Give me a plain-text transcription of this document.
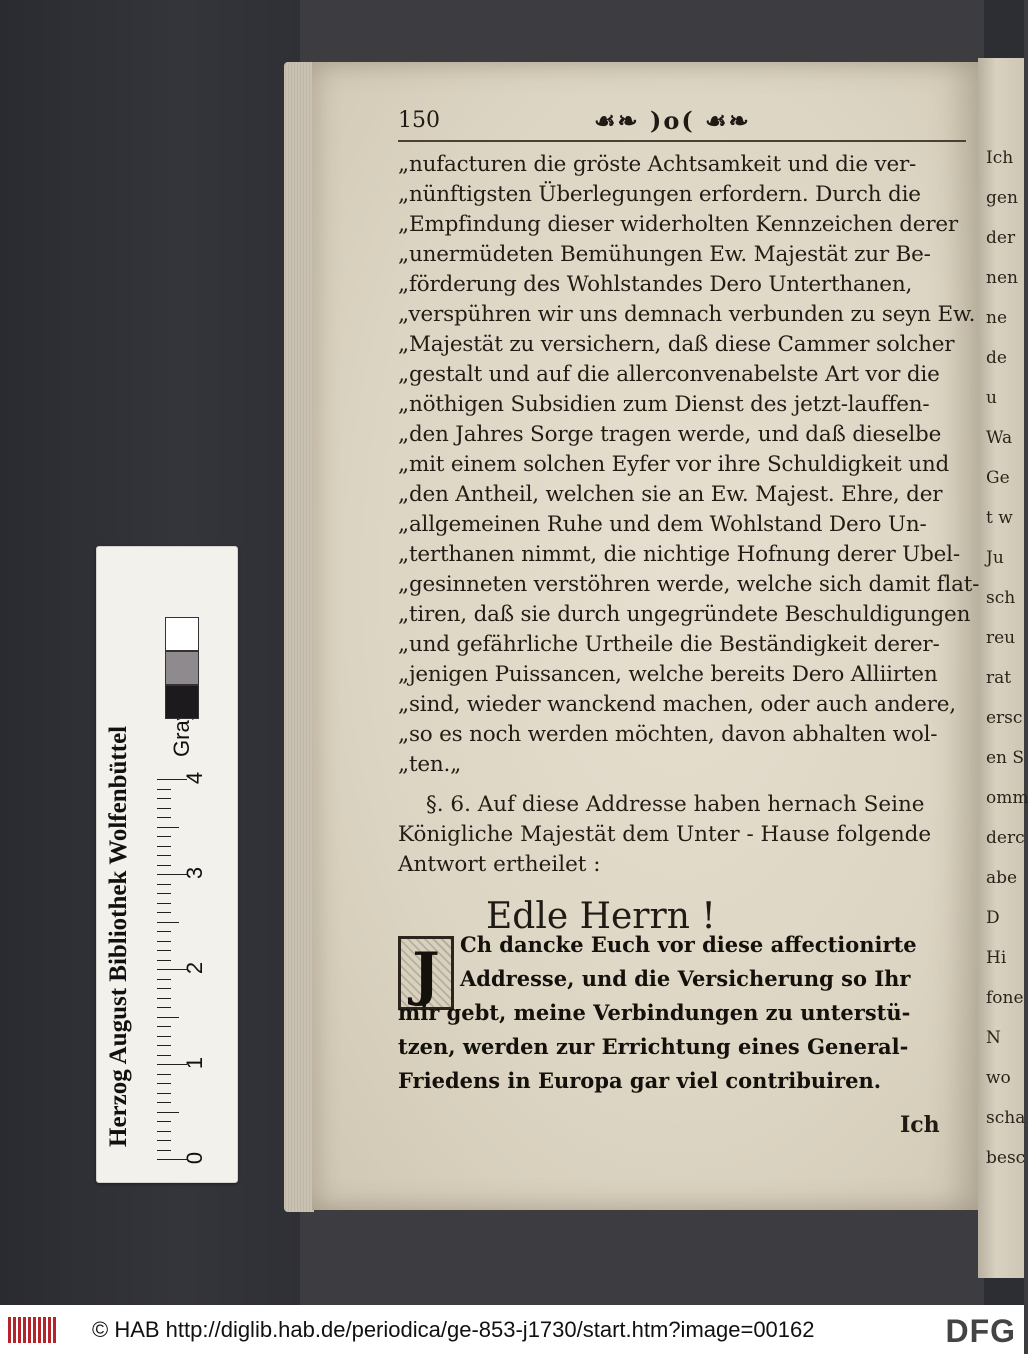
Ich
gen
der
nen
ne
de
u
Wa
Ge
t w
Ju
sch
reu
rat
ersc
en S
omm
derc
abe
D
Hi
fone
N
wo
scha
besc
150	☙❧ )o( ☙❧
„nufacturen die gröste Achtsamkeit und die ver-
„nünftigsten Überlegungen erfordern. Durch die
„Empfindung dieser widerholten Kennzeichen derer
„unermüdeten Bemühungen Ew. Majestät zur Be-
„förderung des Wohlstandes Dero Unterthanen,
„verspühren wir uns demnach verbunden zu seyn Ew.
„Majestät zu versichern, daß diese Cammer solcher
„gestalt und auf die allerconvenabelste Art vor die
„nöthigen Subsidien zum Dienst des jetzt-lauffen-
„den Jahres Sorge tragen werde, und daß dieselbe
„mit einem solchen Eyfer vor ihre Schuldigkeit und
„den Antheil, welchen sie an Ew. Majest. Ehre, der
„allgemeinen Ruhe und dem Wohlstand Dero Un-
„terthanen nimmt, die nichtige Hofnung derer Ubel-
„gesinneten verstöhren werde, welche sich damit flat-
„tiren, daß sie durch ungegründete Beschuldigungen
„und gefährliche Urtheile die Beständigkeit derer-
„jenigen Puissancen, welche bereits Dero Alliirten
„sind, wieder wanckend machen, oder auch andere,
„so es noch werden möchten, davon abhalten wol-
„ten.„
§. 6. Auf diese Addresse haben hernach Seine
Königliche Majestät dem Unter - Hause folgende
Antwort ertheilet :
Edle Herrn !
J Ch dancke Euch vor diese affectionirte
Addresse, und die Versicherung so Ihr
mir gebt, meine Verbindungen zu unterstü-
tzen, werden zur Errichtung eines General-
Friedens in Europa gar viel contribuiren.
Ich
Herzog August Bibliothek Wolfenbüttel
0
1
2
3
4
© HAB http://diglib.hab.de/periodica/ge-853-j1730/start.htm?image=00162	DFG
